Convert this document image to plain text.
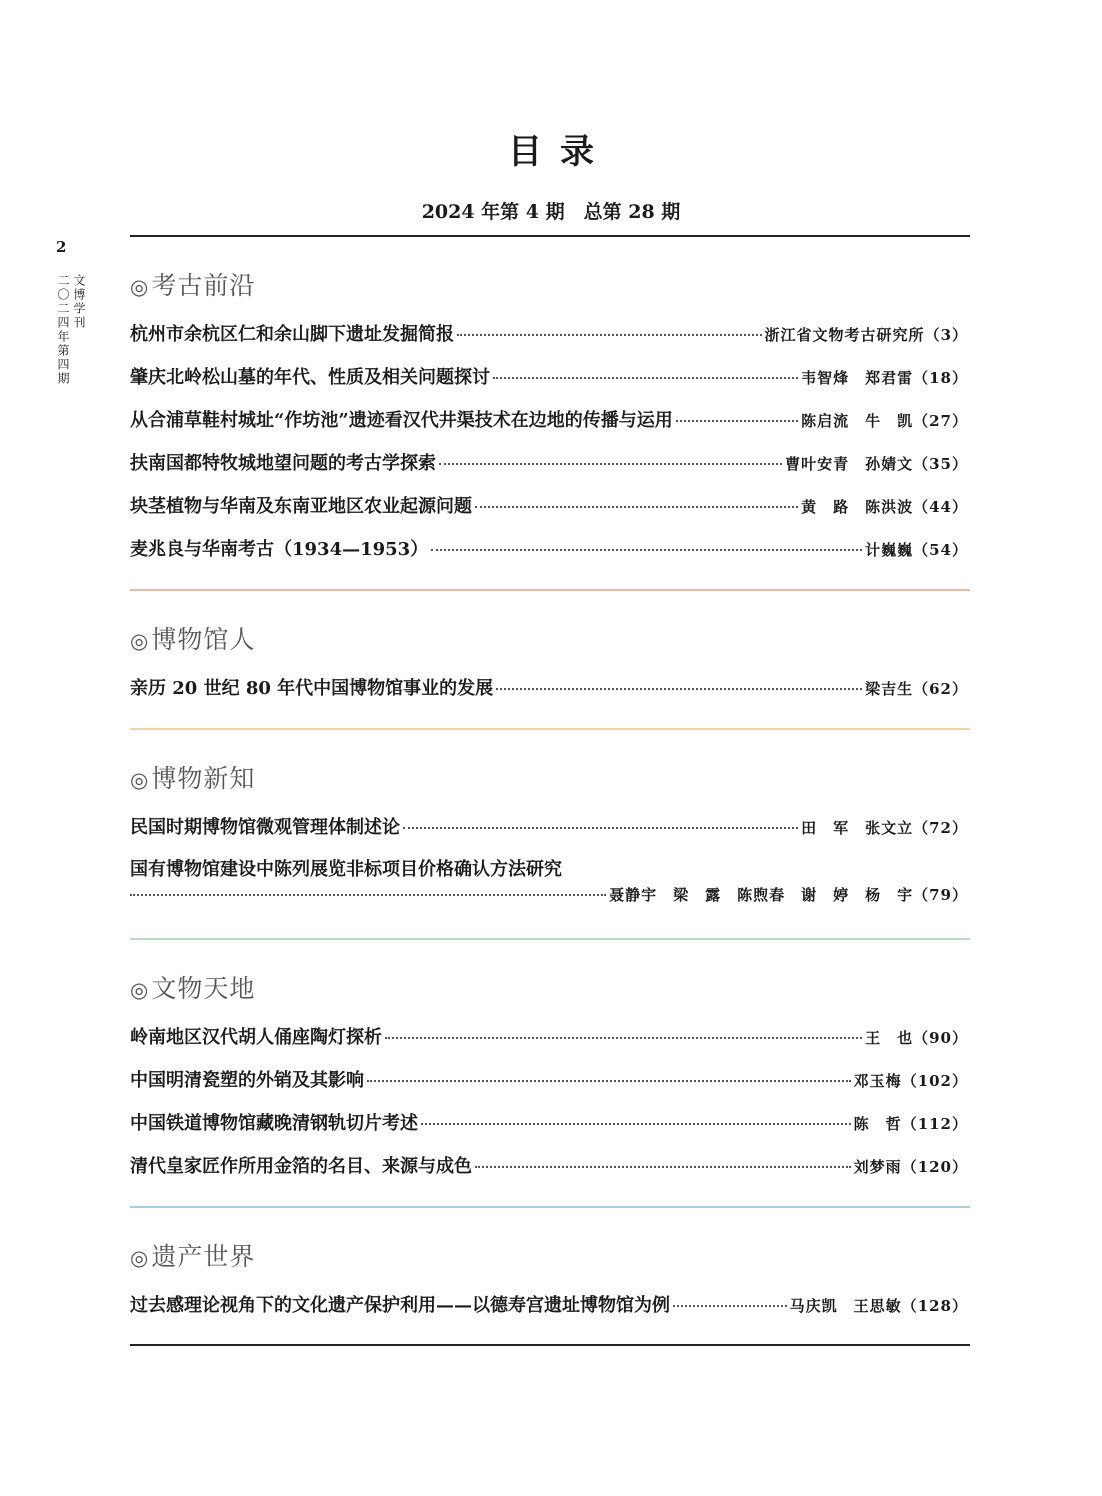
2
文博学刊
二〇二四年第四期
目录

2024 年第 4 期　总第 28 期

◎考古前沿
杭州市余杭区仁和余山脚下遗址发掘简报	浙江省文物考古研究所 （3）
肇庆北岭松山墓的年代、性质及相关问题探讨	韦智烽　郑君雷 （18）
从合浦草鞋村城址“作坊池”遗迹看汉代井渠技术在边地的传播与运用	陈启流　牛　凯 （27）
扶南国都特牧城地望问题的考古学探索	曹叶安青　孙婧文 （35）
块茎植物与华南及东南亚地区农业起源问题	黄　路　陈洪波 （44）
麦兆良与华南考古（1934—1953）	计巍巍 （54）
◎博物馆人
亲历 20 世纪 80 年代中国博物馆事业的发展	梁吉生 （62）
◎博物新知
民国时期博物馆微观管理体制述论	田　军　张文立 （72）
国有博物馆建设中陈列展览非标项目价格确认方法研究
聂静宇　梁　露　陈煦春　谢　婷　杨　宇 （79）
◎文物天地
岭南地区汉代胡人俑座陶灯探析	王　也 （90）
中国明清瓷塑的外销及其影响	邓玉梅 （102）
中国铁道博物馆藏晚清钢轨切片考述	陈　哲 （112）
清代皇家匠作所用金箔的名目、来源与成色	刘梦雨 （120）
◎遗产世界
过去感理论视角下的文化遗产保护利用——以德寿宫遗址博物馆为例	马庆凯　王思敏 （128）
